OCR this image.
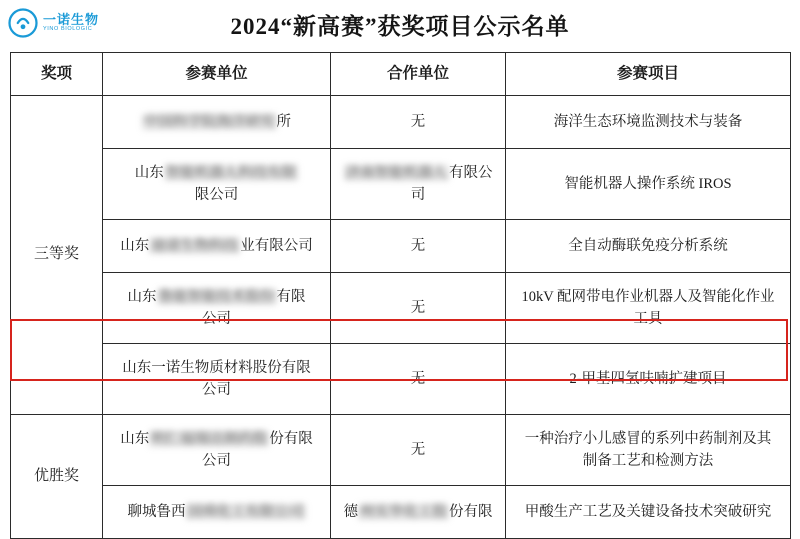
一诺生物
YINO BIOLOGIC	2024“新高赛”获奖项目公示名单
奖项	参赛单位	合作单位	参赛项目
三等奖	中国科学院海洋研究 所	无	海洋生态环境监测技术与装备
	山东 智能机器人科技有限
限公司	济南智能机器人 有限公司	智能机器人操作系统 IROS
	山东 迪诺生物科技 业有限公司	无	全自动酶联免疫分析系统
	山东 鲁能智能技术股份 有限
公司	无	10kV 配网带电作业机器人及智能化作业
工具

	山东一诺生物质材料股份有限
公司	无	2-甲基四氢呋喃扩建项目
优胜奖	山东 明仁福瑞达制药股 份有限
公司	无	一种治疗小儿感冒的系列中药制剂及其
制备工艺和检测方法

	聊城鲁西 国舜化工有限公司	德 州实华化工股 份有限	甲酸生产工艺及关键设备技术突破研究
